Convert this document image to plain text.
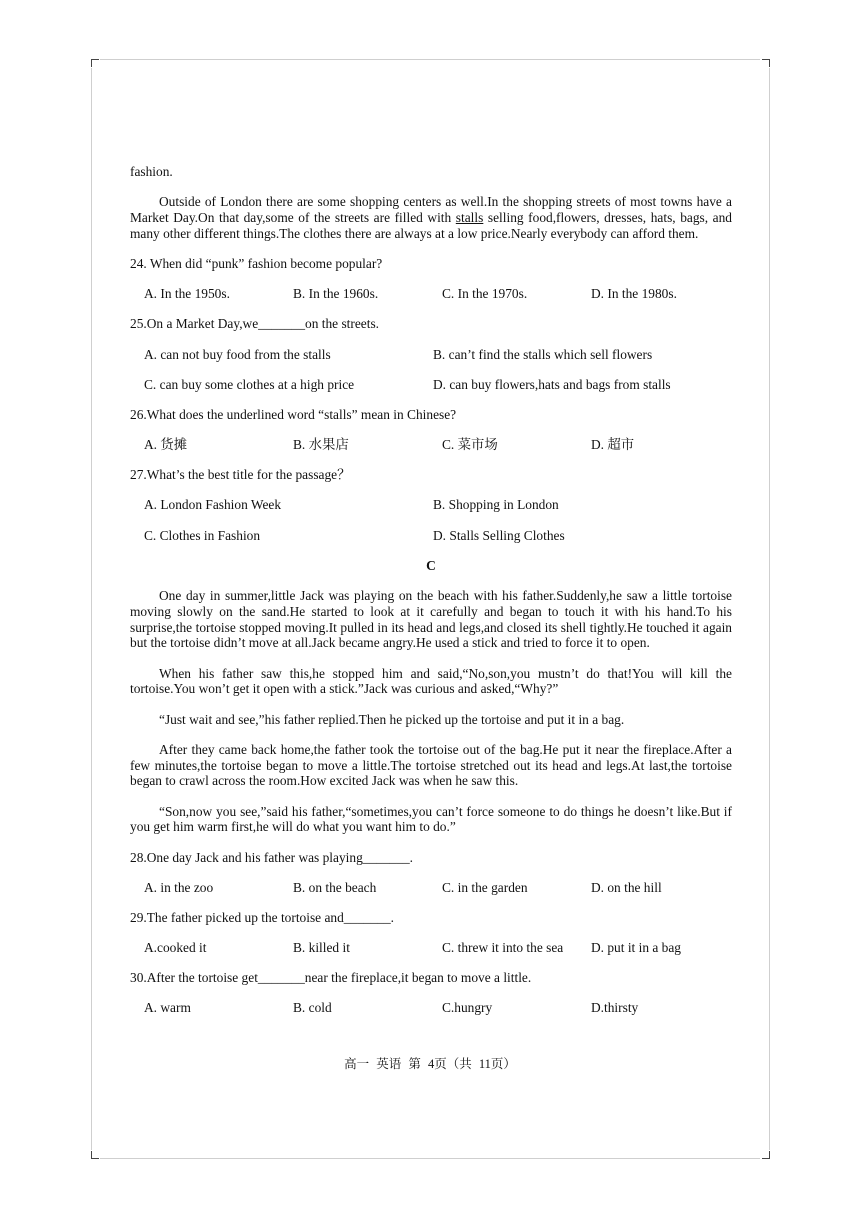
fashion.

Outside of London there are some shopping centers as well.In the shopping streets of most towns have a Market Day.On that day,some of the streets are filled with stalls selling food,flowers, dresses, hats, bags, and many other different things.The clothes there are always at a low price.Nearly everybody can afford them.

24. When did “punk” fashion become popular?

A. In the 1950s.	B. In the 1960s.	C. In the 1970s.	D. In the 1980s.

25.On a Market Day,we_______on the streets.

A. can not buy food from the stalls	B. can’t find the stalls which sell flowers
C. can buy some clothes at a high price	D. can buy flowers,hats and bags from stalls

26.What does the underlined word “stalls” mean in Chinese?

A. 货摊	B. 水果店	C. 菜市场	D. 超市

27.What’s the best title for the passage？

A. London Fashion Week	B. Shopping in London
C. Clothes in Fashion	D. Stalls Selling Clothes

C

One day in summer,little Jack was playing on the beach with his father.Suddenly,he saw a little tortoise moving slowly on the sand.He started to look at it carefully and began to touch it with his hand.To his surprise,the tortoise stopped moving.It pulled in its head and legs,and closed its shell tightly.He touched it again but the tortoise didn’t move at all.Jack became angry.He used a stick and tried to force it to open.

When his father saw this,he stopped him and said,“No,son,you mustn’t do that!You will kill the tortoise.You won’t get it open with a stick.”Jack was curious and asked,“Why?”

“Just wait and see,”his father replied.Then he picked up the tortoise and put it in a bag.

After they came back home,the father took the tortoise out of the bag.He put it near the fireplace.After a few minutes,the tortoise began to move a little.The tortoise stretched out its head and legs.At last,the tortoise began to crawl across the room.How excited Jack was when he saw this.

“Son,now you see,”said his father,“sometimes,you can’t force someone to do things he doesn’t like.But if you get him warm first,he will do what you want him to do.”

28.One day Jack and his father was playing_______.

A. in the zoo	B. on the beach	C. in the garden	D. on the hill

29.The father picked up the tortoise and_______.

A.cooked it	B. killed it	C. threw it into the sea	D. put it in a bag

30.After the tortoise get_______near the fireplace,it began to move a little.

A. warm	B. cold	C.hungry	D.thirsty
高一 英语 第 4页（共 11页）
